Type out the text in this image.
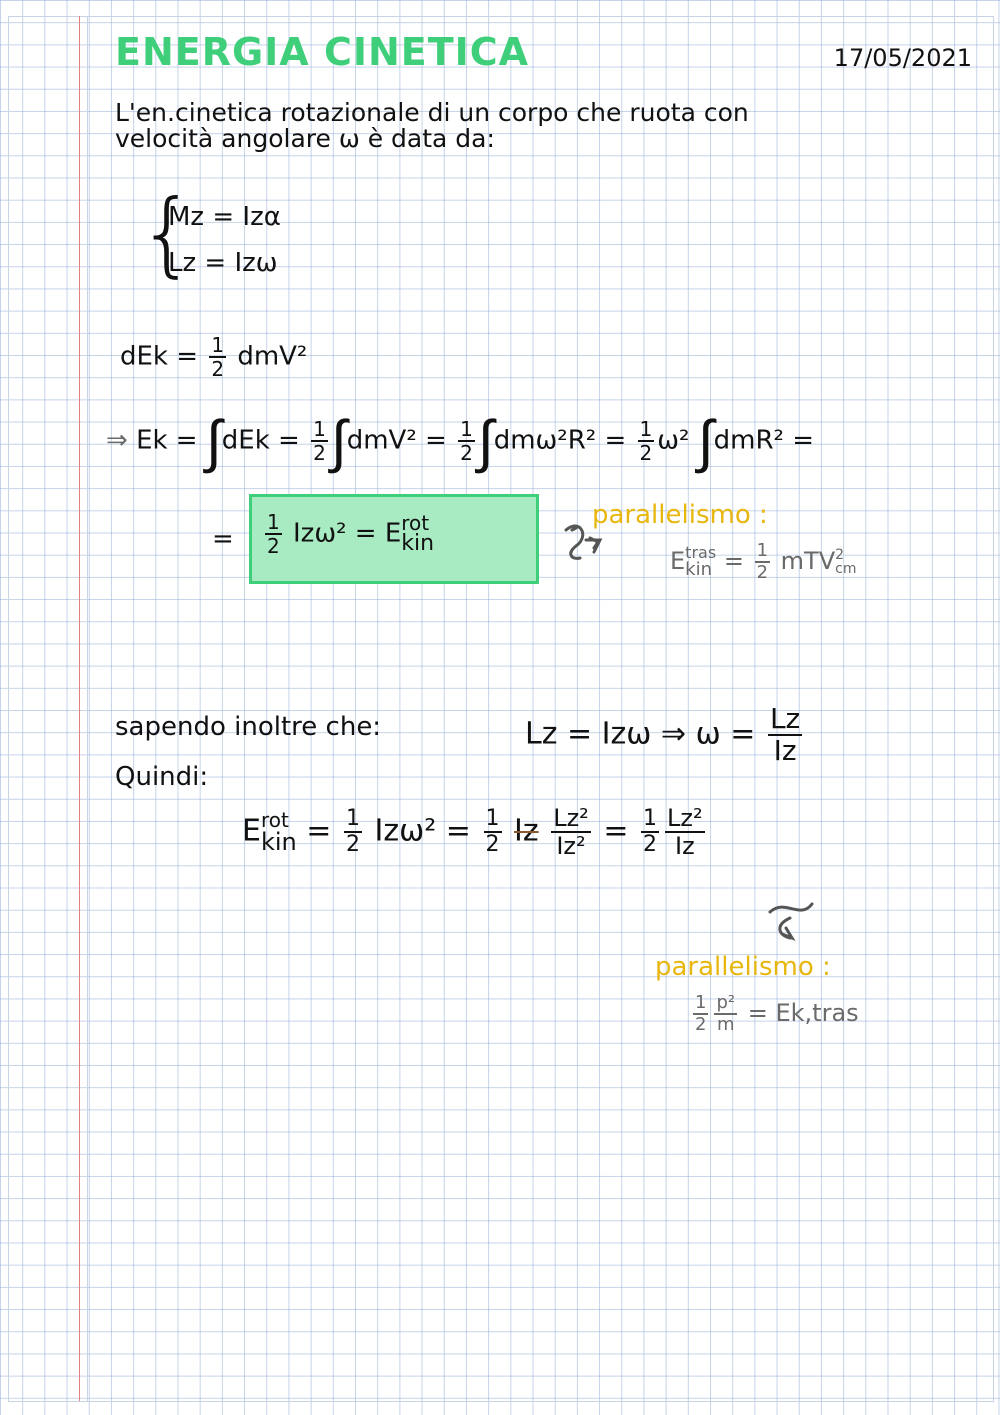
ENERGIA CINETICA	17/05/2021
L'en.cinetica rotazionale di un corpo che ruota con
velocità angolare ω è data da:
{
Mz = Izα
Lz = Izω
dEk = $\frac{1}{2} dmV^2$
⇒ $Ek = \int dEk = \frac{1}{2} \int dmV^2 = \frac{1}{2} \int dm\omega^2R^2 = \frac{1}{2} \omega^2$ ∫dmR² =
= $\frac{1}{2} Iz\omega^2 = E$ rot
kin
parallelismo :
E tras
kin = $\frac{1}{2}$ mTV 2
cm
sapendo inoltre che:	Lz = Izω ⇒ $\omega = \frac{Lz}{Iz}$
Quindi:
E rot
kin = $\frac{1}{2} Iz\omega^2 = \frac{1}{2}$ Iz $\frac{\text{Lz²}}{\text{Iz²}} = \frac{1}{2} \frac{\text{Lz²}}{Iz}$
parallelismo :
$\frac{1}{2} \frac{\text{p²}}{m}$ = Ek,tras
